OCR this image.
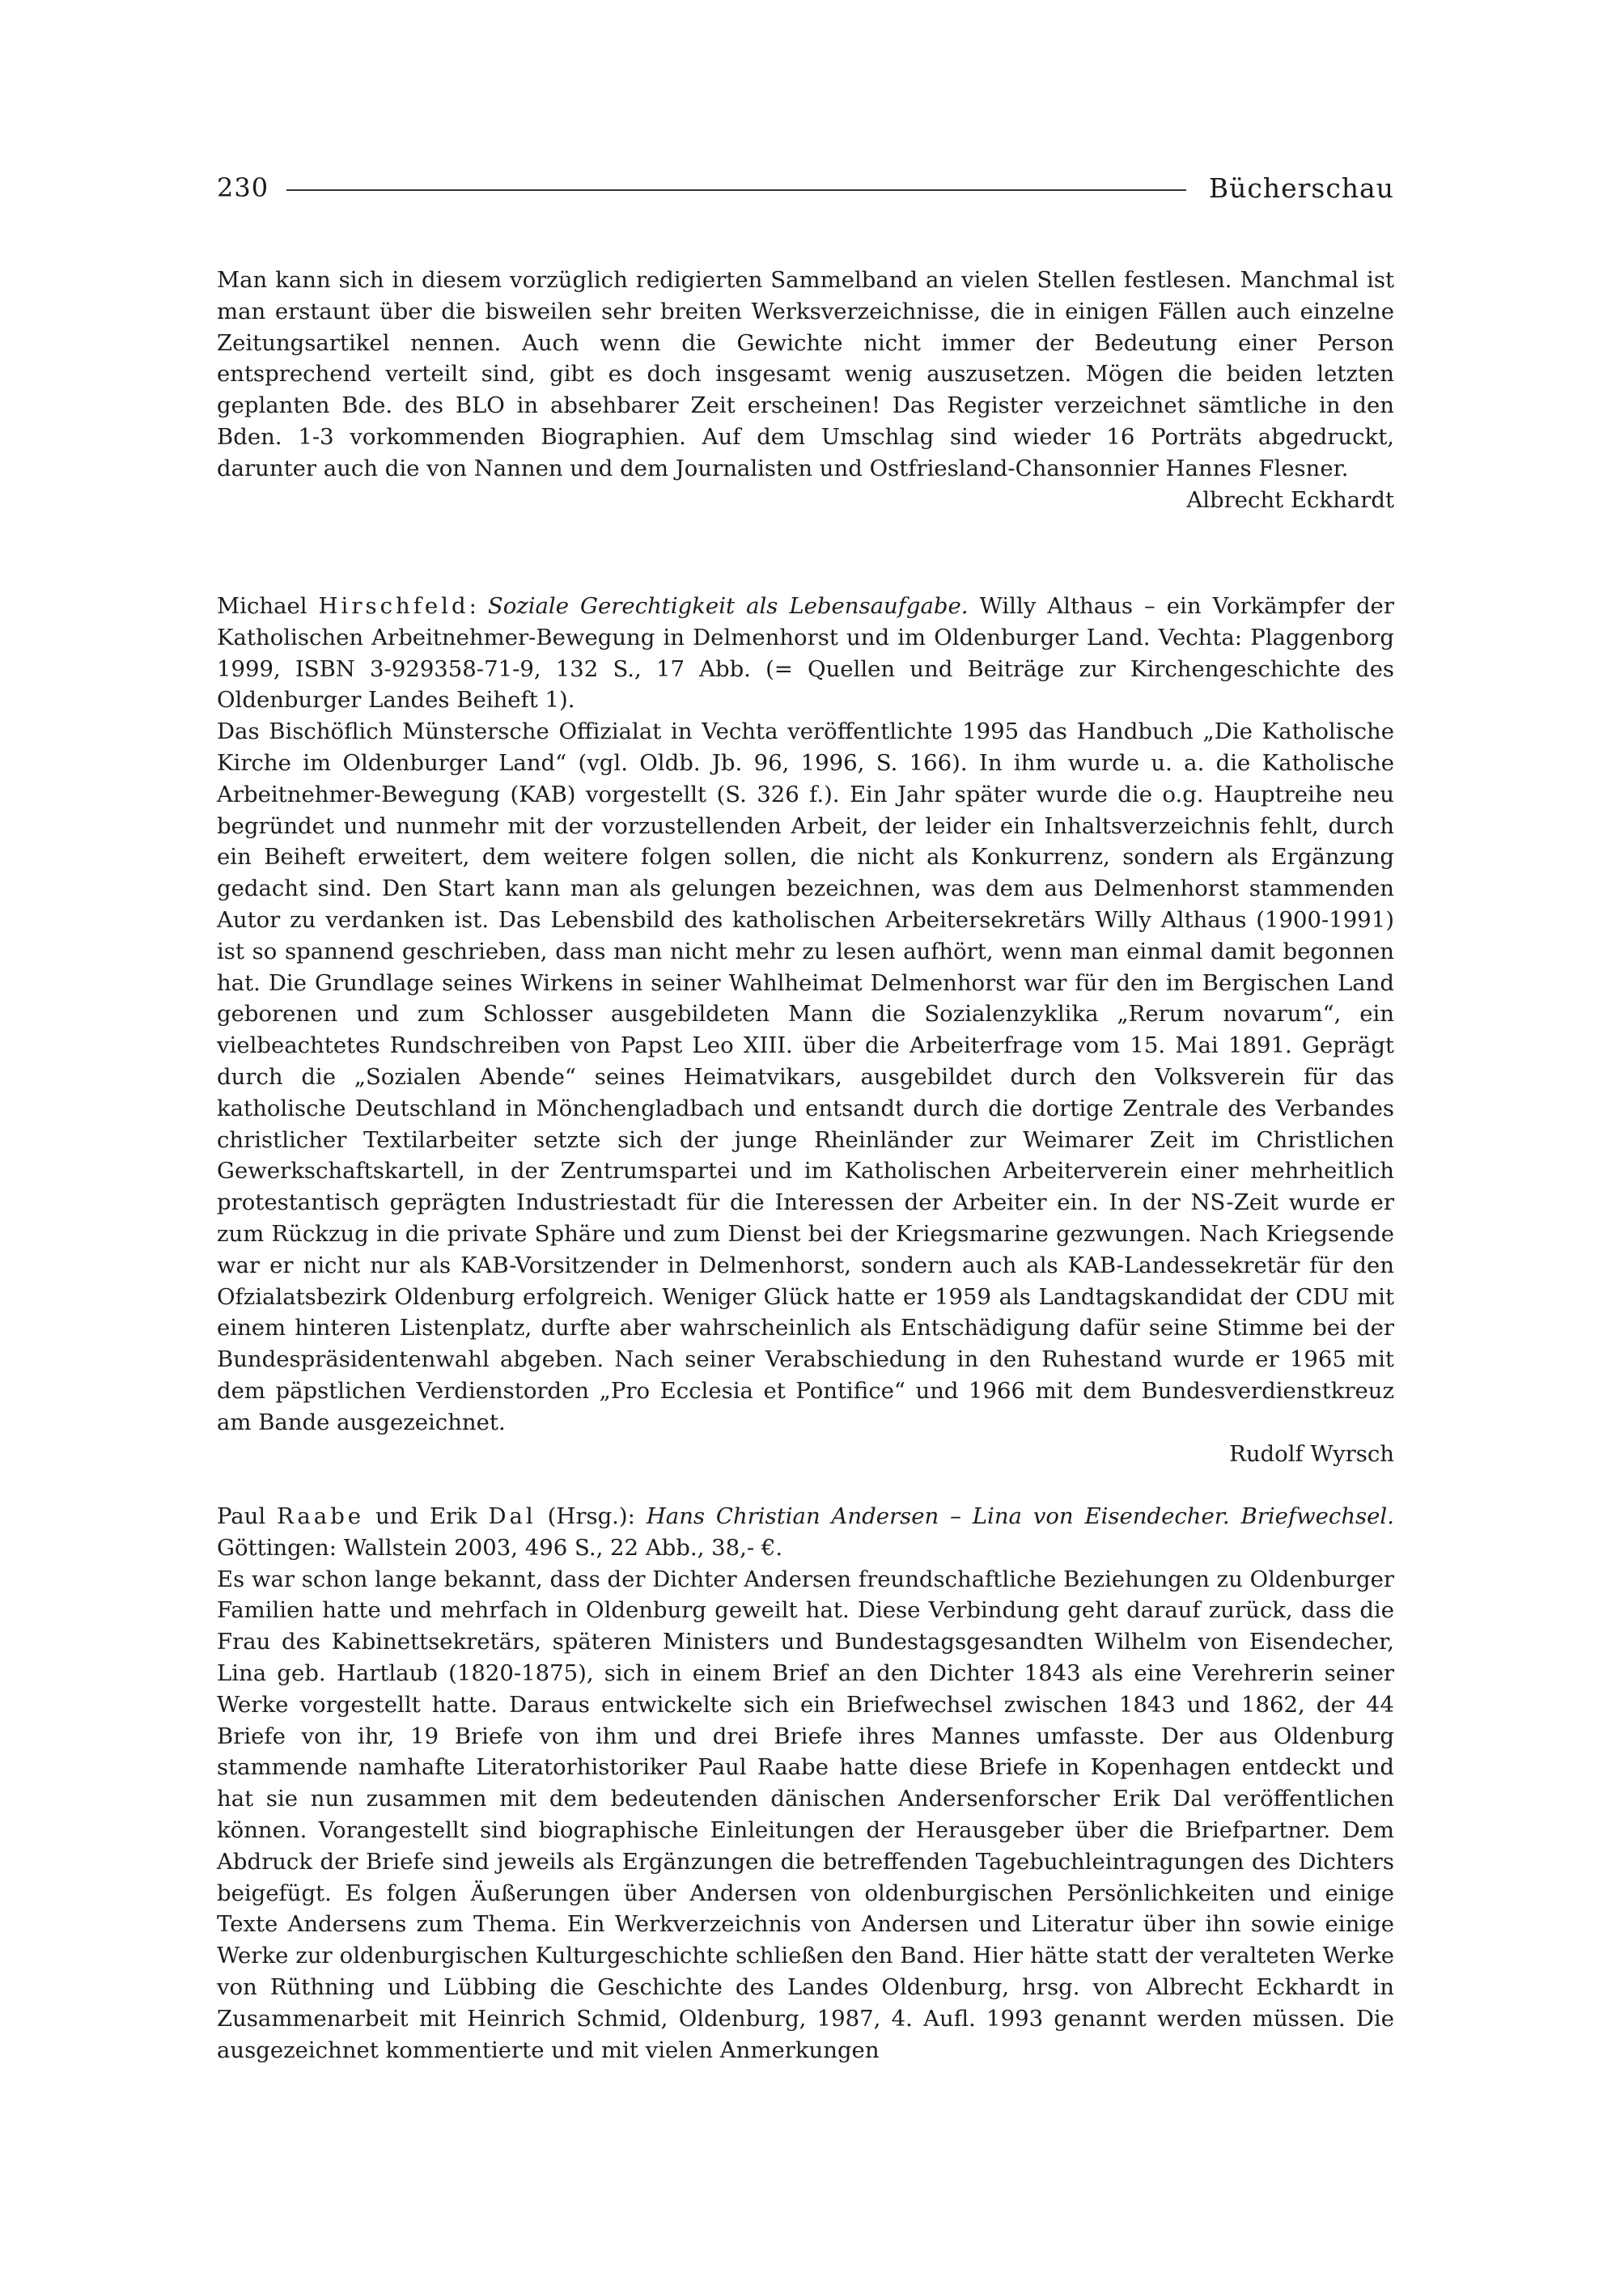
230	Bücherschau

Man kann sich in diesem vorzüglich redigierten Sammelband an vielen Stellen festlesen. Manchmal ist man erstaunt über die bisweilen sehr breiten Werksverzeichnisse, die in einigen Fällen auch einzelne Zeitungsartikel nennen. Auch wenn die Gewichte nicht immer der Bedeutung einer Person entsprechend verteilt sind, gibt es doch insgesamt wenig auszusetzen. Mögen die beiden letzten geplanten Bde. des BLO in absehbarer Zeit erscheinen! Das Register verzeichnet sämtliche in den Bden. 1-3 vorkommenden Biographien. Auf dem Umschlag sind wieder 16 Porträts abgedruckt, darunter auch die von Nannen und dem Journalisten und Ostfriesland-Chansonnier Hannes Flesner.

Albrecht Eckhardt

Michael Hirschfeld: Soziale Gerechtigkeit als Lebensaufgabe. Willy Althaus – ein Vorkämpfer der Katholischen Arbeitnehmer-Bewegung in Delmenhorst und im Oldenburger Land. Vechta: Plaggenborg 1999, ISBN 3-929358-71-9, 132 S., 17 Abb. (= Quellen und Beiträge zur Kirchengeschichte des Oldenburger Landes Beiheft 1).

Das Bischöflich Münstersche Offizialat in Vechta veröffentlichte 1995 das Handbuch „Die Katholische Kirche im Oldenburger Land“ (vgl. Oldb. Jb. 96, 1996, S. 166). In ihm wurde u. a. die Katholische Arbeitnehmer-Bewegung (KAB) vorgestellt (S. 326 f.). Ein Jahr später wurde die o.g. Hauptreihe neu begründet und nunmehr mit der vorzustellenden Arbeit, der leider ein Inhaltsverzeichnis fehlt, durch ein Beiheft erweitert, dem weitere folgen sollen, die nicht als Konkurrenz, sondern als Ergänzung gedacht sind. Den Start kann man als gelungen bezeichnen, was dem aus Delmenhorst stammenden Autor zu verdanken ist. Das Lebensbild des katholischen Arbeitersekretärs Willy Althaus (1900-1991) ist so spannend geschrieben, dass man nicht mehr zu lesen aufhört, wenn man einmal damit begonnen hat. Die Grundlage seines Wirkens in seiner Wahlheimat Delmenhorst war für den im Bergischen Land geborenen und zum Schlosser ausgebildeten Mann die Sozialenzyklika „Rerum novarum“, ein vielbeachtetes Rundschreiben von Papst Leo XIII. über die Arbeiterfrage vom 15. Mai 1891. Geprägt durch die „Sozialen Abende“ seines Heimatvikars, ausgebildet durch den Volksverein für das katholische Deutschland in Mönchengladbach und entsandt durch die dortige Zentrale des Verbandes christlicher Textilarbeiter setzte sich der junge Rheinländer zur Weimarer Zeit im Christlichen Gewerkschaftskartell, in der Zentrumspartei und im Katholischen Arbeiterverein einer mehrheitlich protestantisch geprägten Industriestadt für die Interessen der Arbeiter ein. In der NS-Zeit wurde er zum Rückzug in die private Sphäre und zum Dienst bei der Kriegsmarine gezwungen. Nach Kriegsende war er nicht nur als KAB-Vorsitzender in Delmenhorst, sondern auch als KAB-Landessekretär für den Ofzialatsbezirk Oldenburg erfolgreich. Weniger Glück hatte er 1959 als Landtagskandidat der CDU mit einem hinteren Listenplatz, durfte aber wahrscheinlich als Entschädigung dafür seine Stimme bei der Bundespräsidentenwahl abgeben. Nach seiner Verabschiedung in den Ruhestand wurde er 1965 mit dem päpstlichen Verdienstorden „Pro Ecclesia et Pontifice“ und 1966 mit dem Bundesverdienstkreuz am Bande ausgezeichnet.

Rudolf Wyrsch

Paul Raabe und Erik Dal (Hrsg.): Hans Christian Andersen – Lina von Eisendecher. Briefwechsel. Göttingen: Wallstein 2003, 496 S., 22 Abb., 38,- €.

Es war schon lange bekannt, dass der Dichter Andersen freundschaftliche Beziehungen zu Oldenburger Familien hatte und mehrfach in Oldenburg geweilt hat. Diese Verbindung geht darauf zurück, dass die Frau des Kabinettsekretärs, späteren Ministers und Bundestagsgesandten Wilhelm von Eisendecher, Lina geb. Hartlaub (1820-1875), sich in einem Brief an den Dichter 1843 als eine Verehrerin seiner Werke vorgestellt hatte. Daraus entwickelte sich ein Briefwechsel zwischen 1843 und 1862, der 44 Briefe von ihr, 19 Briefe von ihm und drei Briefe ihres Mannes umfasste. Der aus Oldenburg stammende namhafte Literatorhistoriker Paul Raabe hatte diese Briefe in Kopenhagen entdeckt und hat sie nun zusammen mit dem bedeutenden dänischen Andersenforscher Erik Dal veröffentlichen können. Vorangestellt sind biographische Einleitungen der Herausgeber über die Briefpartner. Dem Abdruck der Briefe sind jeweils als Ergänzungen die betreffenden Tagebuchleintragungen des Dichters beigefügt. Es folgen Äußerungen über Andersen von oldenburgischen Persönlichkeiten und einige Texte Andersens zum Thema. Ein Werkverzeichnis von Andersen und Literatur über ihn sowie einige Werke zur oldenburgischen Kulturgeschichte schließen den Band. Hier hätte statt der veralteten Werke von Rüthning und Lübbing die Geschichte des Landes Oldenburg, hrsg. von Albrecht Eckhardt in Zusammenarbeit mit Heinrich Schmid, Oldenburg, 1987, 4. Aufl. 1993 genannt werden müssen. Die ausgezeichnet kommentierte und mit vielen Anmerkungen
